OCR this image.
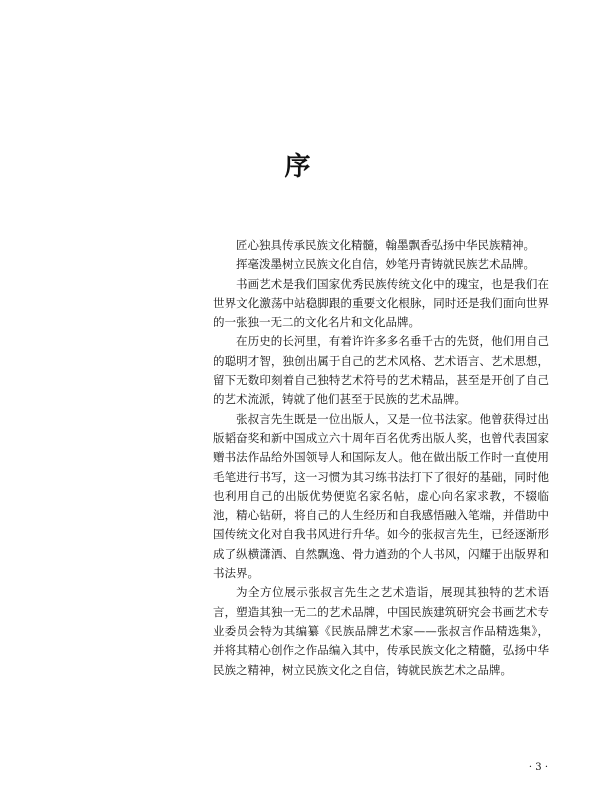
序

匠心独具传承民族文化精髓，翰墨飘香弘扬中华民族精神。

挥毫泼墨树立民族文化自信，妙笔丹青铸就民族艺术品牌。

书画艺术是我们国家优秀民族传统文化中的瑰宝，也是我们在世界文化激荡中站稳脚跟的重要文化根脉，同时还是我们面向世界的一张独一无二的文化名片和文化品牌。

在历史的长河里，有着许许多多名垂千古的先贤，他们用自己的聪明才智，独创出属于自己的艺术风格、艺术语言、艺术思想，留下无数印刻着自己独特艺术符号的艺术精品，甚至是开创了自己的艺术流派，铸就了他们甚至于民族的艺术品牌。

张叔言先生既是一位出版人，又是一位书法家。他曾获得过出版韬奋奖和新中国成立六十周年百名优秀出版人奖，也曾代表国家赠书法作品给外国领导人和国际友人。他在做出版工作时一直使用毛笔进行书写，这一习惯为其习练书法打下了很好的基础，同时他也利用自己的出版优势便览名家名帖，虚心向名家求教，不辍临池，精心钻研，将自己的人生经历和自我感悟融入笔端，并借助中国传统文化对自我书风进行升华。如今的张叔言先生，已经逐渐形成了纵横潇洒、自然飘逸、骨力遒劲的个人书风，闪耀于出版界和书法界。

为全方位展示张叔言先生之艺术造诣，展现其独特的艺术语言，塑造其独一无二的艺术品牌，中国民族建筑研究会书画艺术专业委员会特为其编纂《民族品牌艺术家——张叔言作品精选集》，并将其精心创作之作品编入其中，传承民族文化之精髓，弘扬中华民族之精神，树立民族文化之自信，铸就民族艺术之品牌。

· 3 ·
